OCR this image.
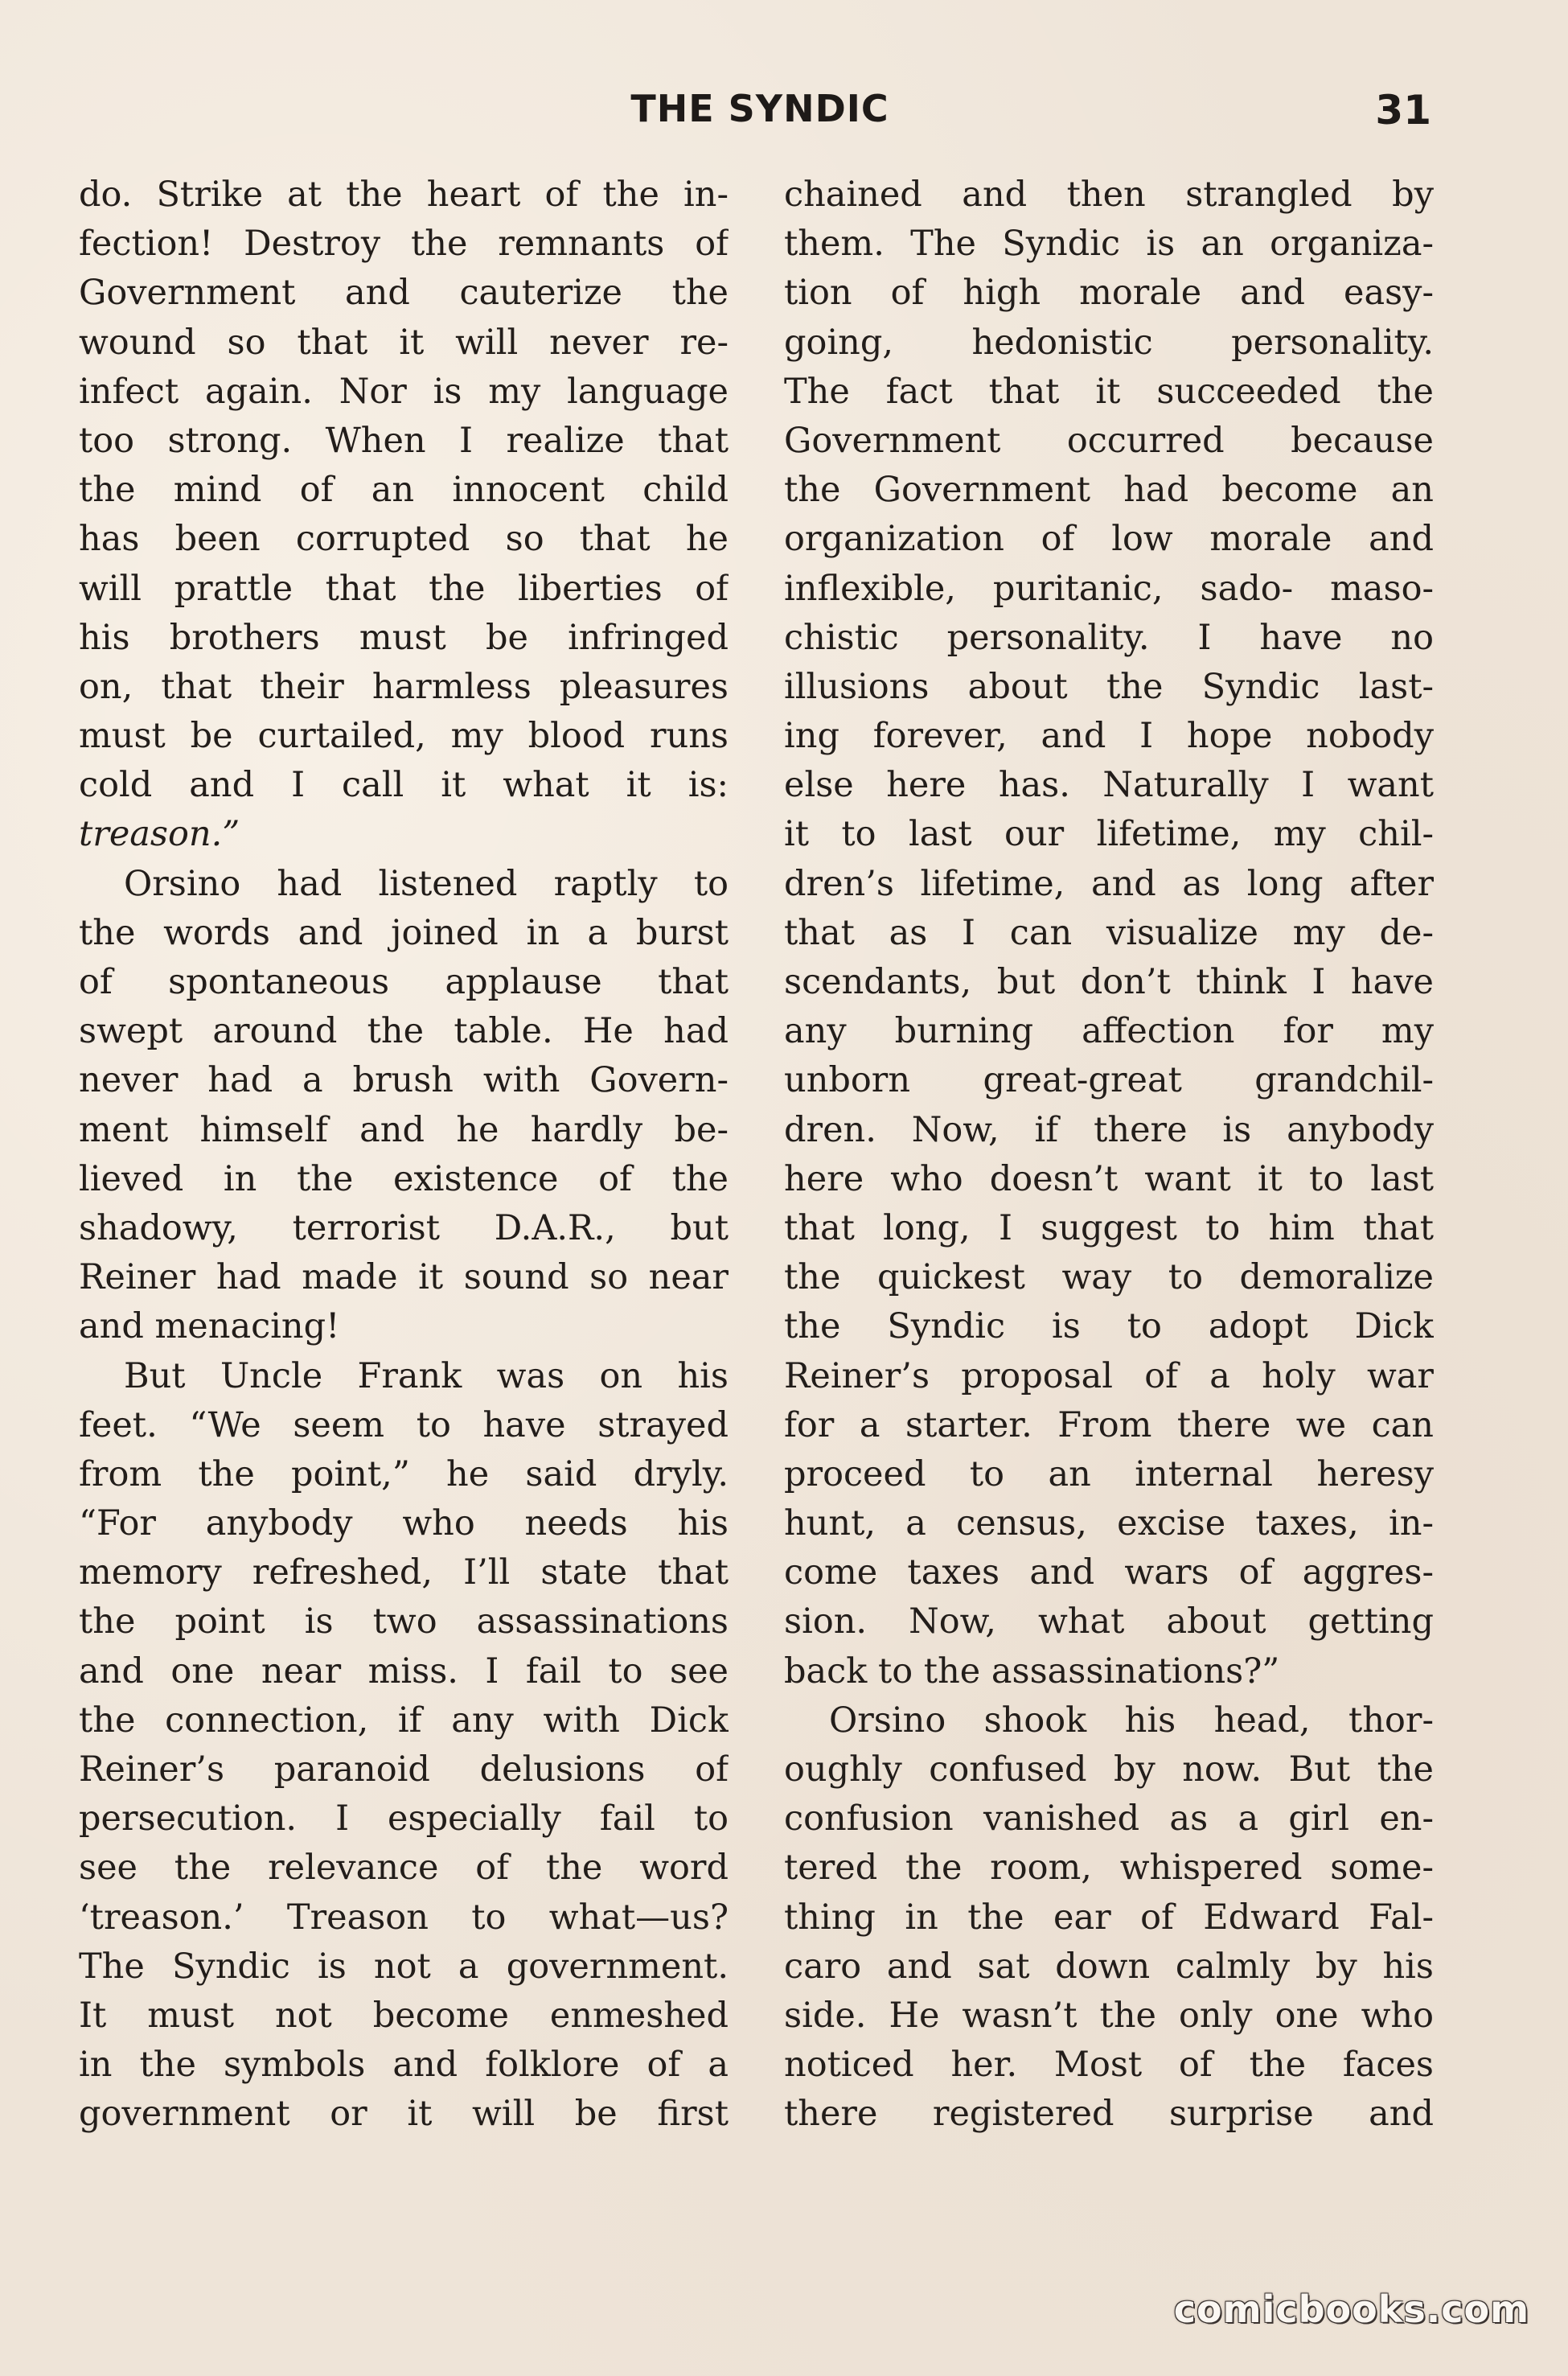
THE SYNDIC	31
do. Strike at the heart of the in-
fection! Destroy the remnants of
Government and cauterize the
wound so that it will never re-
infect again. Nor is my language
too strong. When I realize that
the mind of an innocent child
has been corrupted so that he
will prattle that the liberties of
his brothers must be infringed
on, that their harmless pleasures
must be curtailed, my blood runs
cold and I call it what it is:
treason.”
Orsino had listened raptly to
the words and joined in a burst
of spontaneous applause that
swept around the table. He had
never had a brush with Govern-
ment himself and he hardly be-
lieved in the existence of the
shadowy, terrorist D.A.R., but
Reiner had made it sound so near
and menacing!
But Uncle Frank was on his
feet. “We seem to have strayed
from the point,” he said dryly.
“For anybody who needs his
memory refreshed, I’ll state that
the point is two assassinations
and one near miss. I fail to see
the connection, if any with Dick
Reiner’s paranoid delusions of
persecution. I especially fail to
see the relevance of the word
‘treason.’ Treason to what—us?
The Syndic is not a government.
It must not become enmeshed
in the symbols and folklore of a
government or it will be first
chained and then strangled by
them. The Syndic is an organiza-
tion of high morale and easy-
going, hedonistic personality.
The fact that it succeeded the
Government occurred because
the Government had become an
organization of low morale and
inflexible, puritanic, sado- maso-
chistic personality. I have no
illusions about the Syndic last-
ing forever, and I hope nobody
else here has. Naturally I want
it to last our lifetime, my chil-
dren’s lifetime, and as long after
that as I can visualize my de-
scendants, but don’t think I have
any burning affection for my
unborn great-great grandchil-
dren. Now, if there is anybody
here who doesn’t want it to last
that long, I suggest to him that
the quickest way to demoralize
the Syndic is to adopt Dick
Reiner’s proposal of a holy war
for a starter. From there we can
proceed to an internal heresy
hunt, a census, excise taxes, in-
come taxes and wars of aggres-
sion. Now, what about getting
back to the assassinations?”
Orsino shook his head, thor-
oughly confused by now. But the
confusion vanished as a girl en-
tered the room, whispered some-
thing in the ear of Edward Fal-
caro and sat down calmly by his
side. He wasn’t the only one who
noticed her. Most of the faces
there registered surprise and
comicbooks.com
